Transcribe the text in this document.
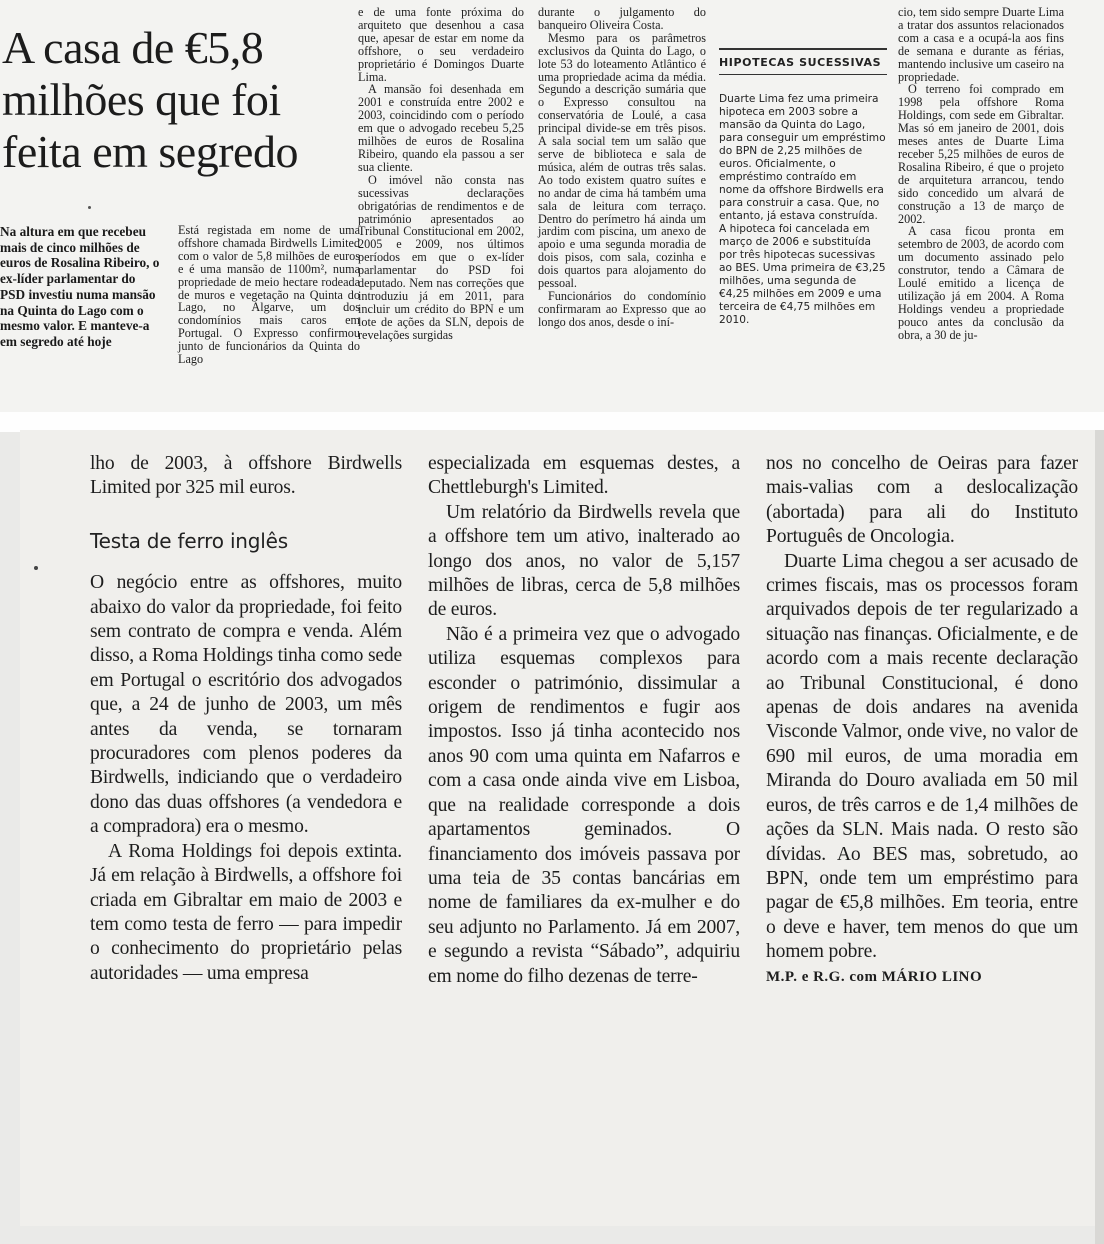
A casa de €5,8 milhões que foi feita em segredo

Na altura em que recebeu mais de cinco milhões de euros de Rosalina Ribeiro, o ex-líder parlamentar do PSD investiu numa mansão na Quinta do Lago com o mesmo valor. E manteve-a em segredo até hoje

Está registada em nome de uma offshore chamada Birdwells Limited com o valor de 5,8 milhões de euros e é uma mansão de 1100m², numa propriedade de meio hectare rodeada de muros e vegetação na Quinta do Lago, no Algarve, um dos condomínios mais caros em Portugal. O Expresso confirmou junto de funcionários da Quinta do Lago

e de uma fonte próxima do arquiteto que desenhou a casa que, apesar de estar em nome da offshore, o seu verdadeiro proprietário é Domingos Duarte Lima.

A mansão foi desenhada em 2001 e construída entre 2002 e 2003, coincidindo com o período em que o advogado recebeu 5,25 milhões de euros de Rosalina Ribeiro, quando ela passou a ser sua cliente.

O imóvel não consta nas sucessivas declarações obrigatórias de rendimentos e de património apresentados ao Tribunal Constitucional em 2002, 2005 e 2009, nos últimos períodos em que o ex-líder parlamentar do PSD foi deputado. Nem nas correções que introduziu já em 2011, para incluir um crédito do BPN e um lote de ações da SLN, depois de revelações surgidas

durante o julgamento do banqueiro Oliveira Costa.

Mesmo para os parâmetros exclusivos da Quinta do Lago, o lote 53 do loteamento Atlântico é uma propriedade acima da média. Segundo a descrição sumária que o Expresso consultou na conservatória de Loulé, a casa principal divide-se em três pisos. A sala social tem um salão que serve de biblioteca e sala de música, além de outras três salas. Ao todo existem quatro suítes e no andar de cima há também uma sala de leitura com terraço. Dentro do perímetro há ainda um jardim com piscina, um anexo de apoio e uma segunda moradia de dois pisos, com sala, cozinha e dois quartos para alojamento do pessoal.

Funcionários do condomínio confirmaram ao Expresso que ao longo dos anos, desde o iní-

HIPOTECAS SUCESSIVAS
Duarte Lima fez uma primeira hipoteca em 2003 sobre a mansão da Quinta do Lago, para conseguir um empréstimo do BPN de 2,25 milhões de euros. Oficialmente, o empréstimo contraído em nome da offshore Birdwells era para construir a casa. Que, no entanto, já estava construída. A hipoteca foi cancelada em março de 2006 e substituída por três hipotecas sucessivas ao BES. Uma primeira de €3,25 milhões, uma segunda de €4,25 milhões em 2009 e uma terceira de €4,75 milhões em 2010.

cio, tem sido sempre Duarte Lima a tratar dos assuntos relacionados com a casa e a ocupá-la aos fins de semana e durante as férias, mantendo inclusive um caseiro na propriedade.

O terreno foi comprado em 1998 pela offshore Roma Holdings, com sede em Gibraltar. Mas só em janeiro de 2001, dois meses antes de Duarte Lima receber 5,25 milhões de euros de Rosalina Ribeiro, é que o projeto de arquitetura arrancou, tendo sido concedido um alvará de construção a 13 de março de 2002.

A casa ficou pronta em setembro de 2003, de acordo com um documento assinado pelo construtor, tendo a Câmara de Loulé emitido a licença de utilização já em 2004. A Roma Holdings vendeu a propriedade pouco antes da conclusão da obra, a 30 de ju-

lho de 2003, à offshore Birdwells Limited por 325 mil euros.

Testa de ferro inglês

O negócio entre as offshores, muito abaixo do valor da propriedade, foi feito sem contrato de compra e venda. Além disso, a Roma Holdings tinha como sede em Portugal o escritório dos advogados que, a 24 de junho de 2003, um mês antes da venda, se tornaram procuradores com plenos poderes da Birdwells, indiciando que o verdadeiro dono das duas offshores (a vendedora e a compradora) era o mesmo.

A Roma Holdings foi depois extinta. Já em relação à Birdwells, a offshore foi criada em Gibraltar em maio de 2003 e tem como testa de ferro — para impedir o conhecimento do proprietário pelas autoridades — uma empresa

especializada em esquemas destes, a Chettleburgh's Limited.

Um relatório da Birdwells revela que a offshore tem um ativo, inalterado ao longo dos anos, no valor de 5,157 milhões de libras, cerca de 5,8 milhões de euros.

Não é a primeira vez que o advogado utiliza esquemas complexos para esconder o património, dissimular a origem de rendimentos e fugir aos impostos. Isso já tinha acontecido nos anos 90 com uma quinta em Nafarros e com a casa onde ainda vive em Lisboa, que na realidade corresponde a dois apartamentos geminados. O financiamento dos imóveis passava por uma teia de 35 contas bancárias em nome de familiares da ex-mulher e do seu adjunto no Parlamento. Já em 2007, e segundo a revista “Sábado”, adquiriu em nome do filho dezenas de terre-

nos no concelho de Oeiras para fazer mais-valias com a deslocalização (abortada) para ali do Instituto Português de Oncologia.

Duarte Lima chegou a ser acusado de crimes fiscais, mas os processos foram arquivados depois de ter regularizado a situação nas finanças. Oficialmente, e de acordo com a mais recente declaração ao Tribunal Constitucional, é dono apenas de dois andares na avenida Visconde Valmor, onde vive, no valor de 690 mil euros, de uma moradia em Miranda do Douro avaliada em 50 mil euros, de três carros e de 1,4 milhões de ações da SLN. Mais nada. O resto são dívidas. Ao BES mas, sobretudo, ao BPN, onde tem um empréstimo para pagar de €5,8 milhões. Em teoria, entre o deve e haver, tem menos do que um homem pobre.

M.P. e R.G. com MÁRIO LINO
